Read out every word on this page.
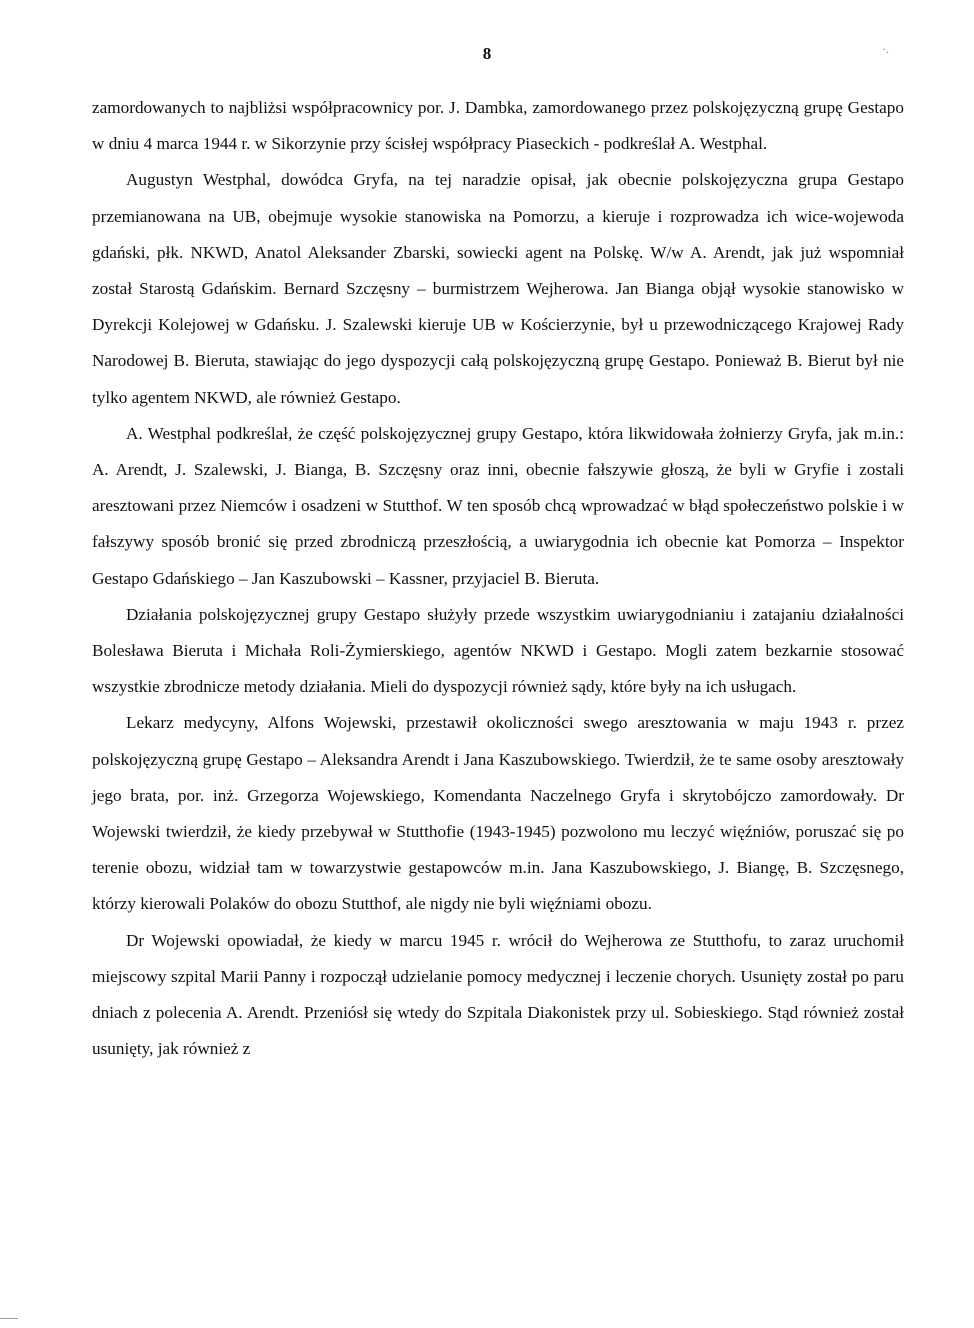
8	·.

zamordowanych to najbliżsi współpracownicy por. J. Dambka, zamordowanego przez polskojęzyczną grupę Gestapo w dniu 4 marca 1944 r. w Sikorzynie przy ścisłej współpracy Piaseckich - podkreślał A. Westphal.

Augustyn Westphal, dowódca Gryfa, na tej naradzie opisał, jak obecnie polskojęzyczna grupa Gestapo przemianowana na UB, obejmuje wysokie stanowiska na Pomorzu, a kieruje i rozprowadza ich wice-wojewoda gdański, płk. NKWD, Anatol Aleksander Zbarski, sowiecki agent na Polskę. W/w A. Arendt, jak już wspomniał został Starostą Gdańskim. Bernard Szczęsny – burmistrzem Wejherowa. Jan Bianga objął wysokie stanowisko w Dyrekcji Kolejowej w Gdańsku. J. Szalewski kieruje UB w Kościerzynie, był u przewodniczącego Krajowej Rady Narodowej B. Bieruta, stawiając do jego dyspozycji całą polskojęzyczną grupę Gestapo. Ponieważ B. Bierut był nie tylko agentem NKWD, ale również Gestapo.

A. Westphal podkreślał, że część polskojęzycznej grupy Gestapo, która likwidowała żołnierzy Gryfa, jak m.in.: A. Arendt, J. Szalewski, J. Bianga, B. Szczęsny oraz inni, obecnie fałszywie głoszą, że byli w Gryfie i zostali aresztowani przez Niemców i osadzeni w Stutthof. W ten sposób chcą wprowadzać w błąd społeczeństwo polskie i w fałszywy sposób bronić się przed zbrodniczą przeszłością, a uwiarygodnia ich obecnie kat Pomorza – Inspektor Gestapo Gdańskiego – Jan Kaszubowski – Kassner, przyjaciel B. Bieruta.

Działania polskojęzycznej grupy Gestapo służyły przede wszystkim uwiarygodnianiu i zatajaniu działalności Bolesława Bieruta i Michała Roli-Żymierskiego, agentów NKWD i Gestapo. Mogli zatem bezkarnie stosować wszystkie zbrodnicze metody działania. Mieli do dyspozycji również sądy, które były na ich usługach.

Lekarz medycyny, Alfons Wojewski, przestawił okoliczności swego aresztowania w maju 1943 r. przez polskojęzyczną grupę Gestapo – Aleksandra Arendt i Jana Kaszubowskiego. Twierdził, że te same osoby aresztowały jego brata, por. inż. Grzegorza Wojewskiego, Komendanta Naczelnego Gryfa i skrytobójczo zamordowały. Dr Wojewski twierdził, że kiedy przebywał w Stutthofie (1943-1945) pozwolono mu leczyć więźniów, poruszać się po terenie obozu, widział tam w towarzystwie gestapowców m.in. Jana Kaszubowskiego, J. Biangę, B. Szczęsnego, którzy kierowali Polaków do obozu Stutthof, ale nigdy nie byli więźniami obozu.

Dr Wojewski opowiadał, że kiedy w marcu 1945 r. wrócił do Wejherowa ze Stutthofu, to zaraz uruchomił miejscowy szpital Marii Panny i rozpoczął udzielanie pomocy medycznej i leczenie chorych. Usunięty został po paru dniach z polecenia A. Arendt. Przeniósł się wtedy do Szpitala Diakonistek przy ul. Sobieskiego. Stąd również został usunięty, jak również z
